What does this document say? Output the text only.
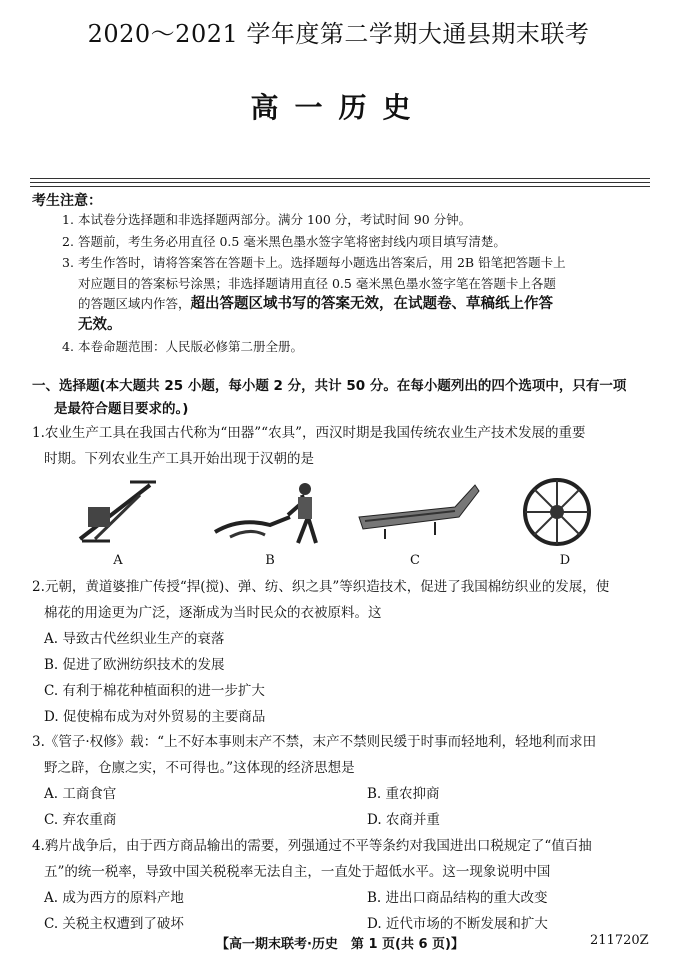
2020～2021 学年度第二学期大通县期末联考
高一历史
考生注意：
1. 本试卷分选择题和非选择题两部分。满分 100 分，考试时间 90 分钟。
2. 答题前，考生务必用直径 0.5 毫米黑色墨水签字笔将密封线内项目填写清楚。
3. 考生作答时，请将答案答在答题卡上。选择题每小题选出答案后，用 2B 铅笔把答题卡上
对应题目的答案标号涂黑；非选择题请用直径 0.5 毫米黑色墨水签字笔在答题卡上各题
的答题区域内作答，超出答题区域书写的答案无效，在试题卷、草稿纸上作答
无效。
4. 本卷命题范围：人民版必修第二册全册。
一、选择题(本大题共 25 小题，每小题 2 分，共计 50 分。在每小题列出的四个选项中，只有一项
是最符合题目要求的。)
1.农业生产工具在我国古代称为“田器”“农具”，西汉时期是我国传统农业生产技术发展的重要
时期。下列农业生产工具开始出现于汉朝的是
A	B	C	D
2.元朝，黄道婆推广传授“捍(搅)、弹、纺、织之具”等织造技术，促进了我国棉纺织业的发展，使
棉花的用途更为广泛，逐渐成为当时民众的衣被原料。这
A. 导致古代丝织业生产的衰落
B. 促进了欧洲纺织技术的发展
C. 有利于棉花种植面积的进一步扩大
D. 促使棉布成为对外贸易的主要商品
3.《管子·权修》载：“上不好本事则末产不禁，末产不禁则民缓于时事而轻地利，轻地利而求田
野之辟，仓廪之实，不可得也。”这体现的经济思想是
A. 工商食官	B. 重农抑商
C. 弃农重商	D. 农商并重
4.鸦片战争后，由于西方商品输出的需要，列强通过不平等条约对我国进出口税规定了“值百抽
五”的统一税率，导致中国关税税率无法自主，一直处于超低水平。这一现象说明中国
A. 成为西方的原料产地	B. 进出口商品结构的重大改变
C. 关税主权遭到了破坏	D. 近代市场的不断发展和扩大
【高一期末联考·历史　第 1 页(共 6 页)】	211720Z
